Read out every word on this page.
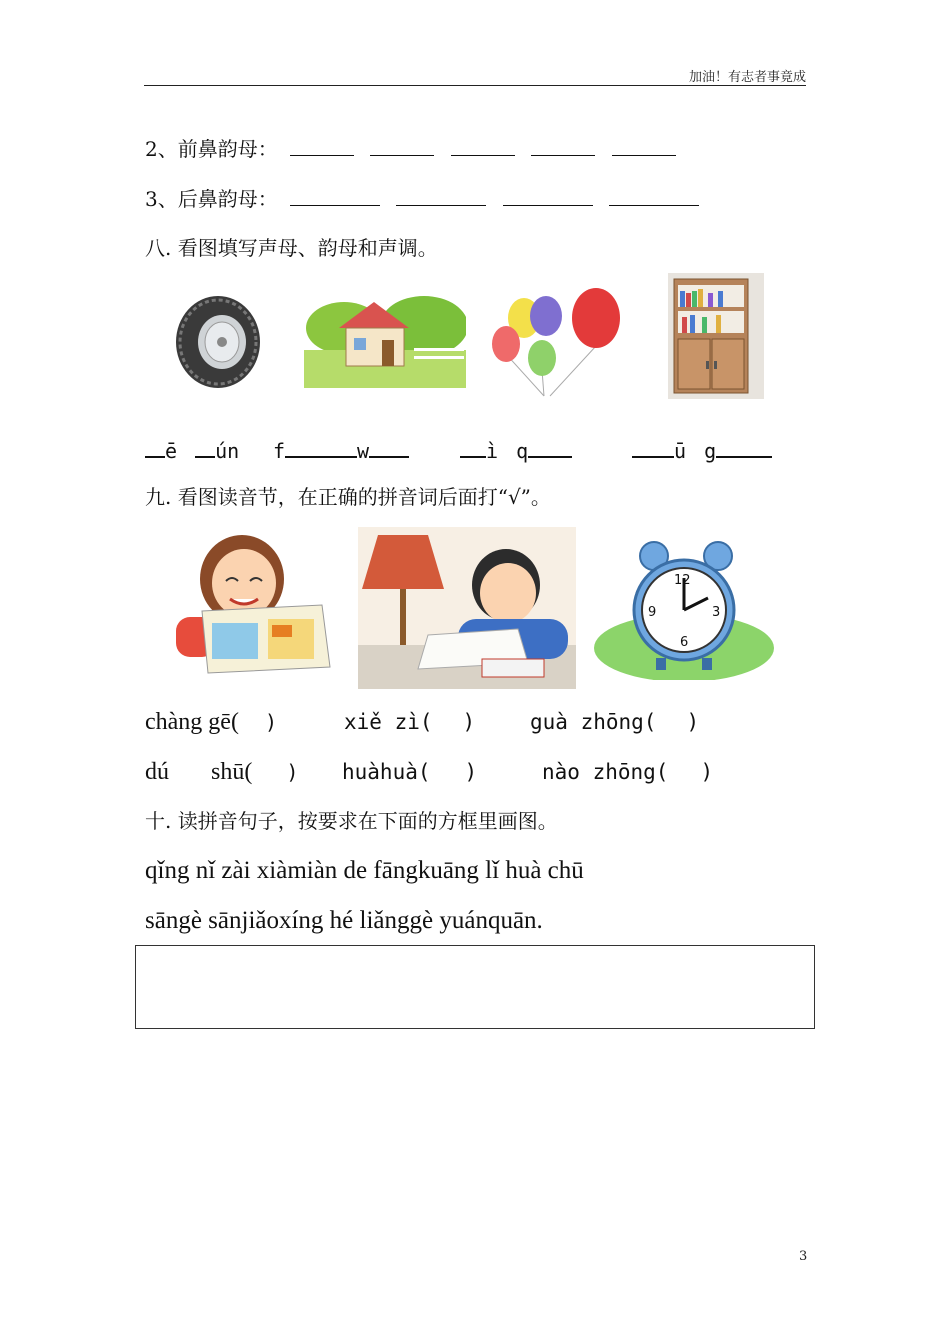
加油！有志者事竟成
2、前鼻韵母：
3、后鼻韵母：
八. 看图填写声母、韵母和声调。
ē ún f	w	ì q	ū g
九. 看图读音节，在正确的拼音词后面打“√”。
12
3
6
9
chàng gē( )	xiě zì( )	guà zhōng( )
dú shū( ) huàhuà( )	nào zhōng( )
十. 读拼音句子，按要求在下面的方框里画图。
qǐng nǐ zài xiàmiàn de fāngkuāng lǐ huà chū
sāngè sānjiǎoxíng hé liǎnggè yuánquān.
3
